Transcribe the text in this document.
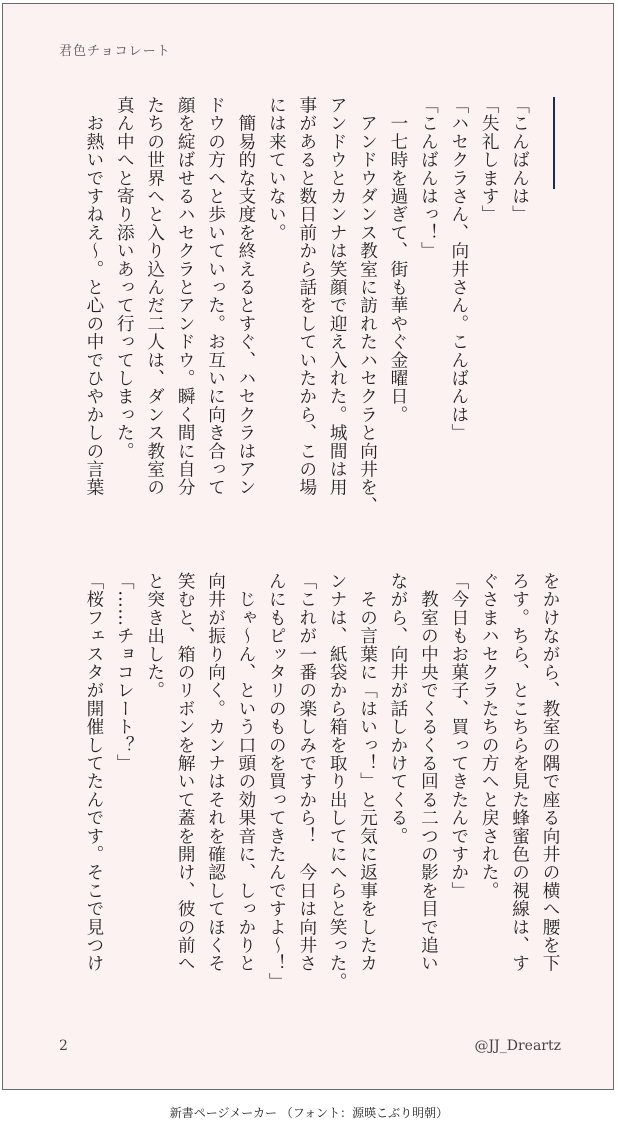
君色チョコレート

「こんばんは」
「失礼します」
「ハセクラさん、向井さん。こんばんは」
「こんばんはっ！」
　一七時を過ぎて、街も華やぐ金曜日。
　アンドウダンス教室に訪れたハセクラと向井を、
アンドウとカンナは笑顔で迎え入れた。城間は用
事があると数日前から話をしていたから、この場
には来ていない。
　簡易的な支度を終えるとすぐ、ハセクラはアン
ドウの方へと歩いていった。お互いに向き合って
顔を綻ばせるハセクラとアンドウ。瞬く間に自分
たちの世界へと入り込んだ二人は、ダンス教室の
真ん中へと寄り添いあって行ってしまった。
　お熱いですねえ〜。と心の中でひやかしの言葉
をかけながら、教室の隅で座る向井の横へ腰を下
ろす。ちら、とこちらを見た蜂蜜色の視線は、す
ぐさまハセクラたちの方へと戻された。
「今日もお菓子、買ってきたんですか」
　教室の中央でくるくる回る二つの影を目で追い
ながら、向井が話しかけてくる。
　その言葉に「はいっ！」と元気に返事をしたカ
ンナは、紙袋から箱を取り出してにへらと笑った。
「これが一番の楽しみですから！　今日は向井さ
んにもピッタリのものを買ってきたんですよ〜！」
　じゃ〜ん、という口頭の効果音に、しっかりと
向井が振り向く。カンナはそれを確認してほくそ
笑むと、箱のリボンを解いて蓋を開け、彼の前へ
と突き出した。
「……チョコレート？」
「桜フェスタが開催してたんです。そこで見つけ
2	@JJ_Dreartz
新書ページメーカー （フォント：源暎こぶり明朝）
